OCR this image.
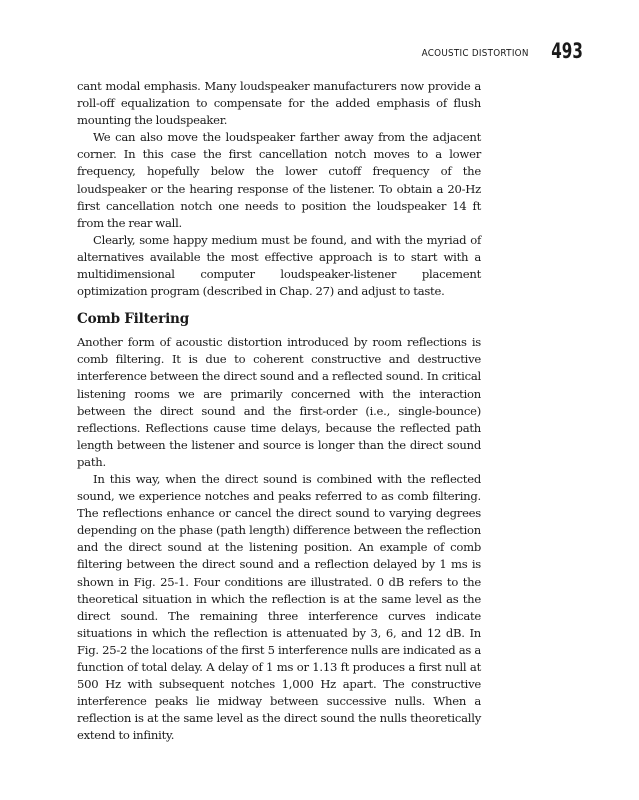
ACOUSTIC DISTORTION 493

cant modal emphasis. Many loudspeaker manufacturers now provide a roll-off equalization to compensate for the added emphasis of flush mounting the loudspeaker.

We can also move the loudspeaker farther away from the adjacent corner. In this case the first cancellation notch moves to a lower frequency, hopefully below the lower cutoff frequency of the loudspeaker or the hearing response of the listener. To obtain a 20-Hz first cancellation notch one needs to position the loudspeaker 14 ft from the rear wall.

Clearly, some happy medium must be found, and with the myriad of alternatives available the most effective approach is to start with a multidimensional computer loudspeaker-listener placement optimization program (described in Chap. 27) and adjust to taste.

Comb Filtering

Another form of acoustic distortion introduced by room reflections is comb filtering. It is due to coherent constructive and destructive interference between the direct sound and a reflected sound. In critical listening rooms we are primarily concerned with the interaction between the direct sound and the first-order (i.e., single-bounce) reflections. Reflections cause time delays, because the reflected path length between the listener and source is longer than the direct sound path.

In this way, when the direct sound is combined with the reflected sound, we experience notches and peaks referred to as comb filtering. The reflections enhance or cancel the direct sound to varying degrees depending on the phase (path length) difference between the reflection and the direct sound at the listening position. An example of comb filtering between the direct sound and a reflection delayed by 1 ms is shown in Fig. 25-1. Four conditions are illustrated. 0 dB refers to the theoretical situation in which the reflection is at the same level as the direct sound. The remaining three interference curves indicate situations in which the reflection is attenuated by 3, 6, and 12 dB. In Fig. 25-2 the locations of the first 5 interference nulls are indicated as a function of total delay. A delay of 1 ms or 1.13 ft produces a first null at 500 Hz with subsequent notches 1,000 Hz apart. The constructive interference peaks lie midway between successive nulls. When a reflection is at the same level as the direct sound the nulls theoretically extend to infinity.
